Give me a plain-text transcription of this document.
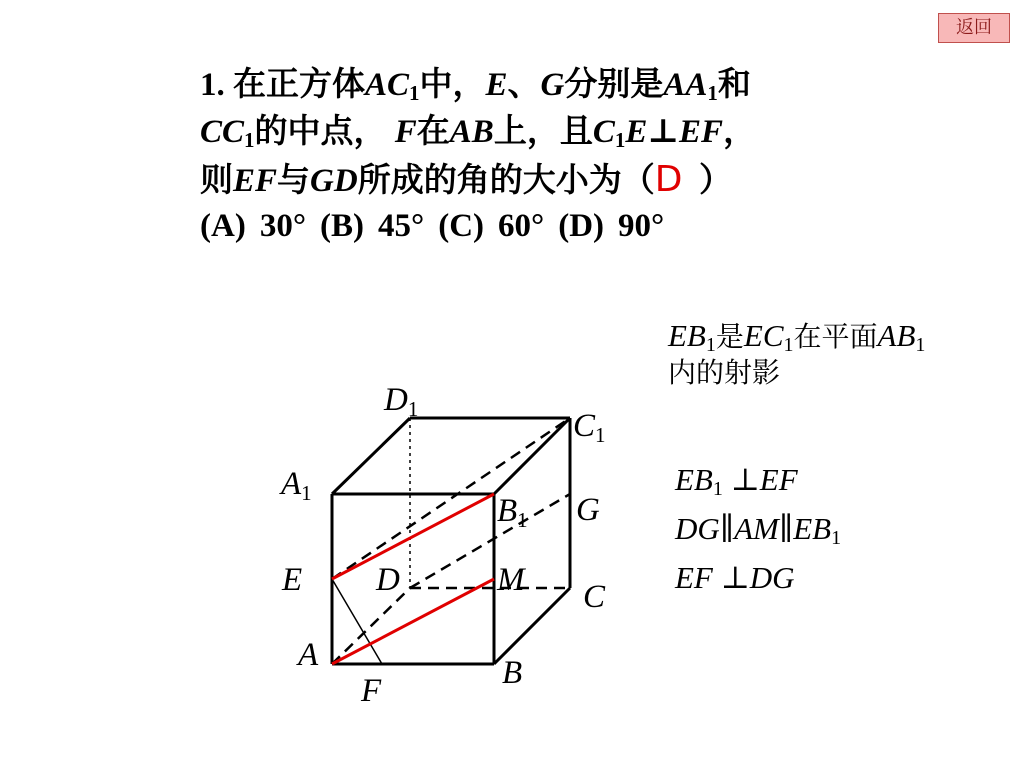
返回
1. 在正方体$AC_1$中，E、G分别是$AA_1$和
$CC_1$的中点， F在AB上，且$C_1E\perp EF$，
则EF与GD所成的角的大小为（D ）
(A) 30° (B) 45° (C) 60° (D) 90°
$EB_1$是$EC_1$在平面$AB_1$
内的射影
$EB_1$ ⊥EF
$DG\parallel AM\parallel EB_1$
EF ⊥DG
D1	C1
A1	B1 G
E D	M C
A	B
F
